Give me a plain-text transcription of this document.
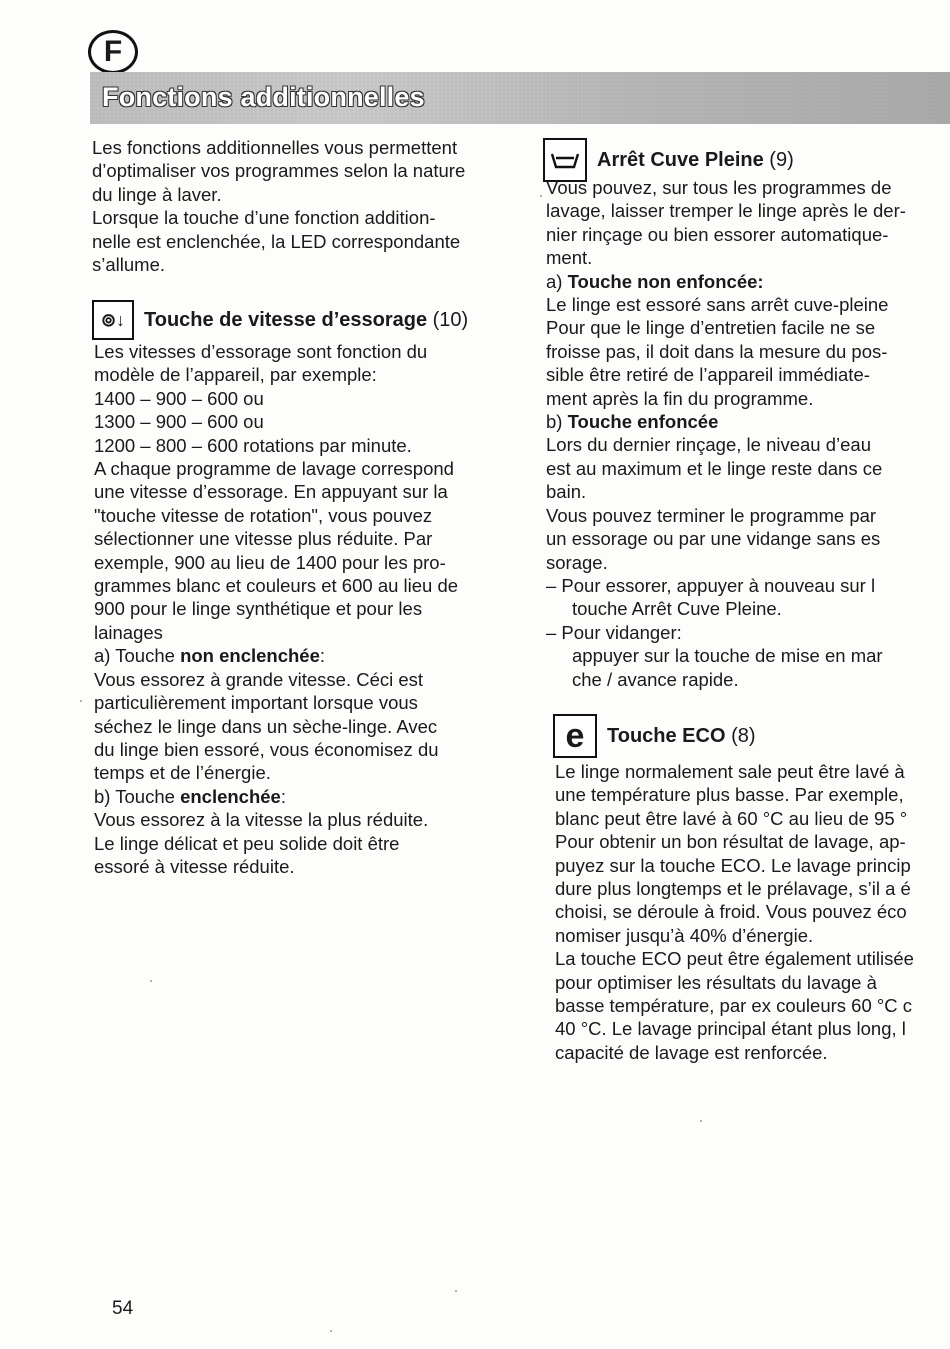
F
Fonctions additionnelles

Les fonctions additionnelles vous permettent

d’optimaliser vos programmes selon la nature

du linge à laver.

Lorsque la touche d’une fonction addition-

nelle est enclenchée, la LED correspondante

s’allume.

⊚↓ Touche de vitesse d’essorage (10)

Les vitesses d’essorage sont fonction du

modèle de l’appareil, par exemple:

1400 – 900 – 600 ou

1300 – 900 – 600 ou

1200 – 800 – 600 rotations par minute.

A chaque programme de lavage correspond

une vitesse d’essorage. En appuyant sur la

"touche vitesse de rotation", vous pouvez

sélectionner une vitesse plus réduite. Par

exemple, 900 au lieu de 1400 pour les pro-

grammes blanc et couleurs et 600 au lieu de

900 pour le linge synthétique et pour les

lainages

a) Touche non enclenchée:

Vous essorez à grande vitesse. Céci est

particulièrement important lorsque vous

séchez le linge dans un sèche-linge. Avec

du linge bien essoré, vous économisez du

temps et de l’énergie.

b) Touche enclenchée:

Vous essorez à la vitesse la plus réduite.

Le linge délicat et peu solide doit être

essoré à vitesse réduite.

Arrêt Cuve Pleine (9)

Vous pouvez, sur tous les programmes de

lavage, laisser tremper le linge après le der-

nier rinçage ou bien essorer automatique-

ment.

a) Touche non enfoncée:

Le linge est essoré sans arrêt cuve-pleine

Pour que le linge d’entretien facile ne se

froisse pas, il doit dans la mesure du pos-

sible être retiré de l’appareil immédiate-

ment après la fin du programme.

b) Touche enfoncée

Lors du dernier rinçage, le niveau d’eau

est au maximum et le linge reste dans ce

bain.

Vous pouvez terminer le programme par

un essorage ou par une vidange sans es

sorage.

– Pour essorer, appuyer à nouveau sur l

touche Arrêt Cuve Pleine.

– Pour vidanger:

appuyer sur la touche de mise en mar

che / avance rapide.

e	Touche ECO (8)

Le linge normalement sale peut être lavé à

une température plus basse. Par exemple,

blanc peut être lavé à 60 °C au lieu de 95 °

Pour obtenir un bon résultat de lavage, ap-

puyez sur la touche ECO. Le lavage princip

dure plus longtemps et le prélavage, s’il a é

choisi, se déroule à froid. Vous pouvez éco

nomiser jusqu’à 40% d’énergie.

La touche ECO peut être également utilisée

pour optimiser les résultats du lavage à

basse température, par ex couleurs 60 °C c

40 °C. Le lavage principal étant plus long, l

capacité de lavage est renforcée.

54
